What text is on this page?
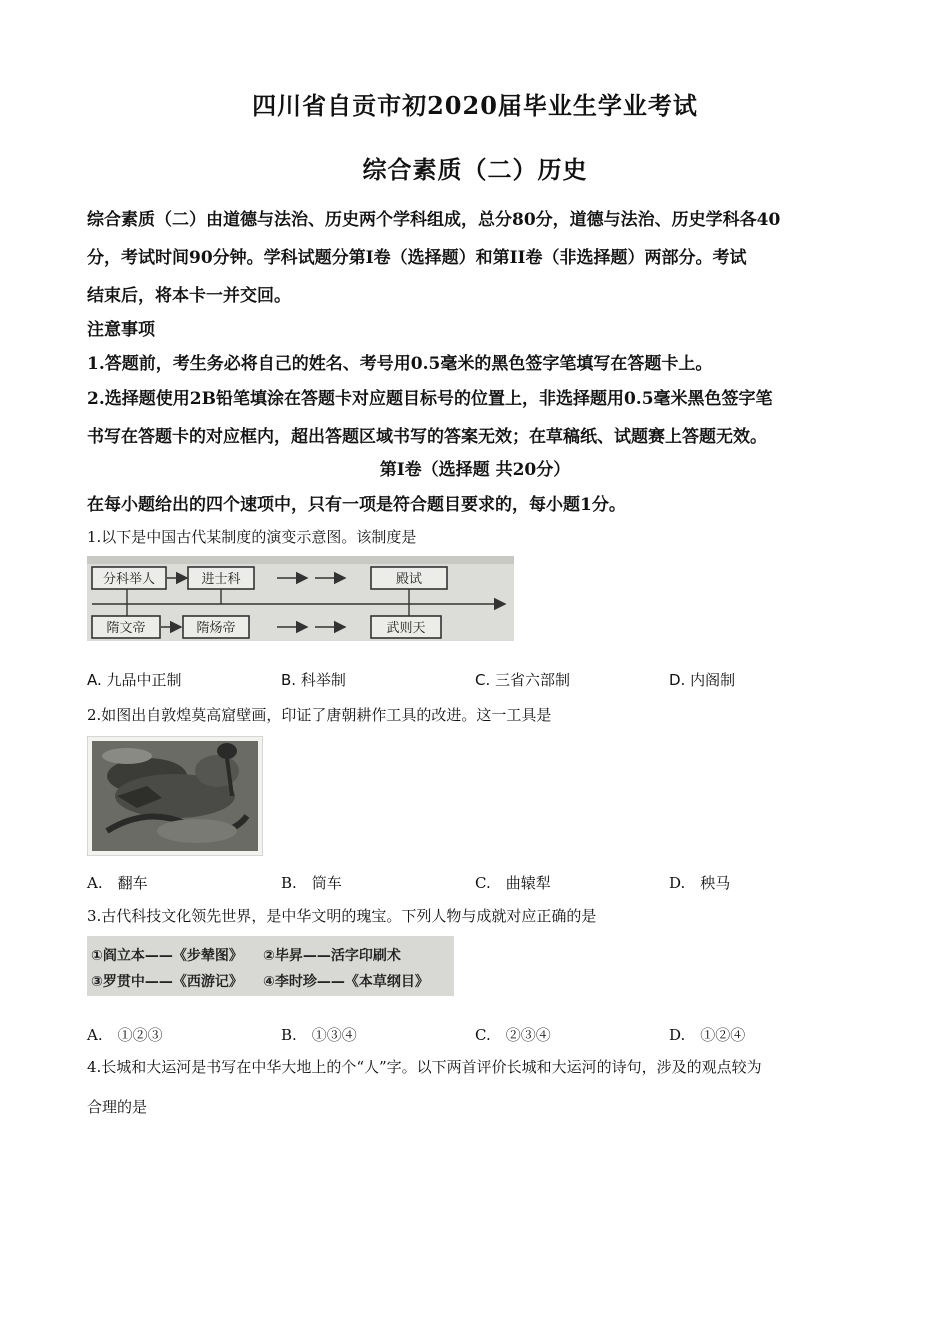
四川省自贡市初2020届毕业生学业考试
综合素质（二）历史
综合素质（二）由道德与法治、历史两个学科组成，总分80分，道德与法治、历史学科各40
分，考试时间90分钟。学科试题分第I卷（选择题）和第II卷（非选择题）两部分。考试
结束后，将本卡一并交回。
注意事项
1.答题前，考生务必将自己的姓名、考号用0.5毫米的黑色签字笔填写在答题卡上。
2.选择题使用2B铅笔填涂在答题卡对应题目标号的位置上，非选择题用0.5毫米黑色签字笔
书写在答题卡的对应框内，超出答题区域书写的答案无效；在草稿纸、试题赛上答题无效。
第I卷（选择题 共20分）
在每小题给出的四个速项中，只有一项是符合题目要求的，每小题1分。
1.以下是中国古代某制度的演变示意图。该制度是
分科举人	进士科	殿试
隋文帝	隋炀帝	武则天
A. 九品中正制	B. 科举制	C. 三省六部制	D. 内阁制
2.如图出自敦煌莫高窟壁画，印证了唐朝耕作工具的改进。这一工具是
A.　翻车	B.　筒车	C.　曲辕犁	D.　秧马
3.古代科技文化领先世界，是中华文明的瑰宝。下列人物与成就对应正确的是
①阎立本——《步辇图》 ②毕昇——活字印刷术
③罗贯中——《西游记》 ④李时珍——《本草纲目》
A.　①②③	B.　①③④	C.　②③④	D.　①②④
4.长城和大运河是书写在中华大地上的个“人”字。以下两首评价长城和大运河的诗句，涉及的观点较为
合理的是
